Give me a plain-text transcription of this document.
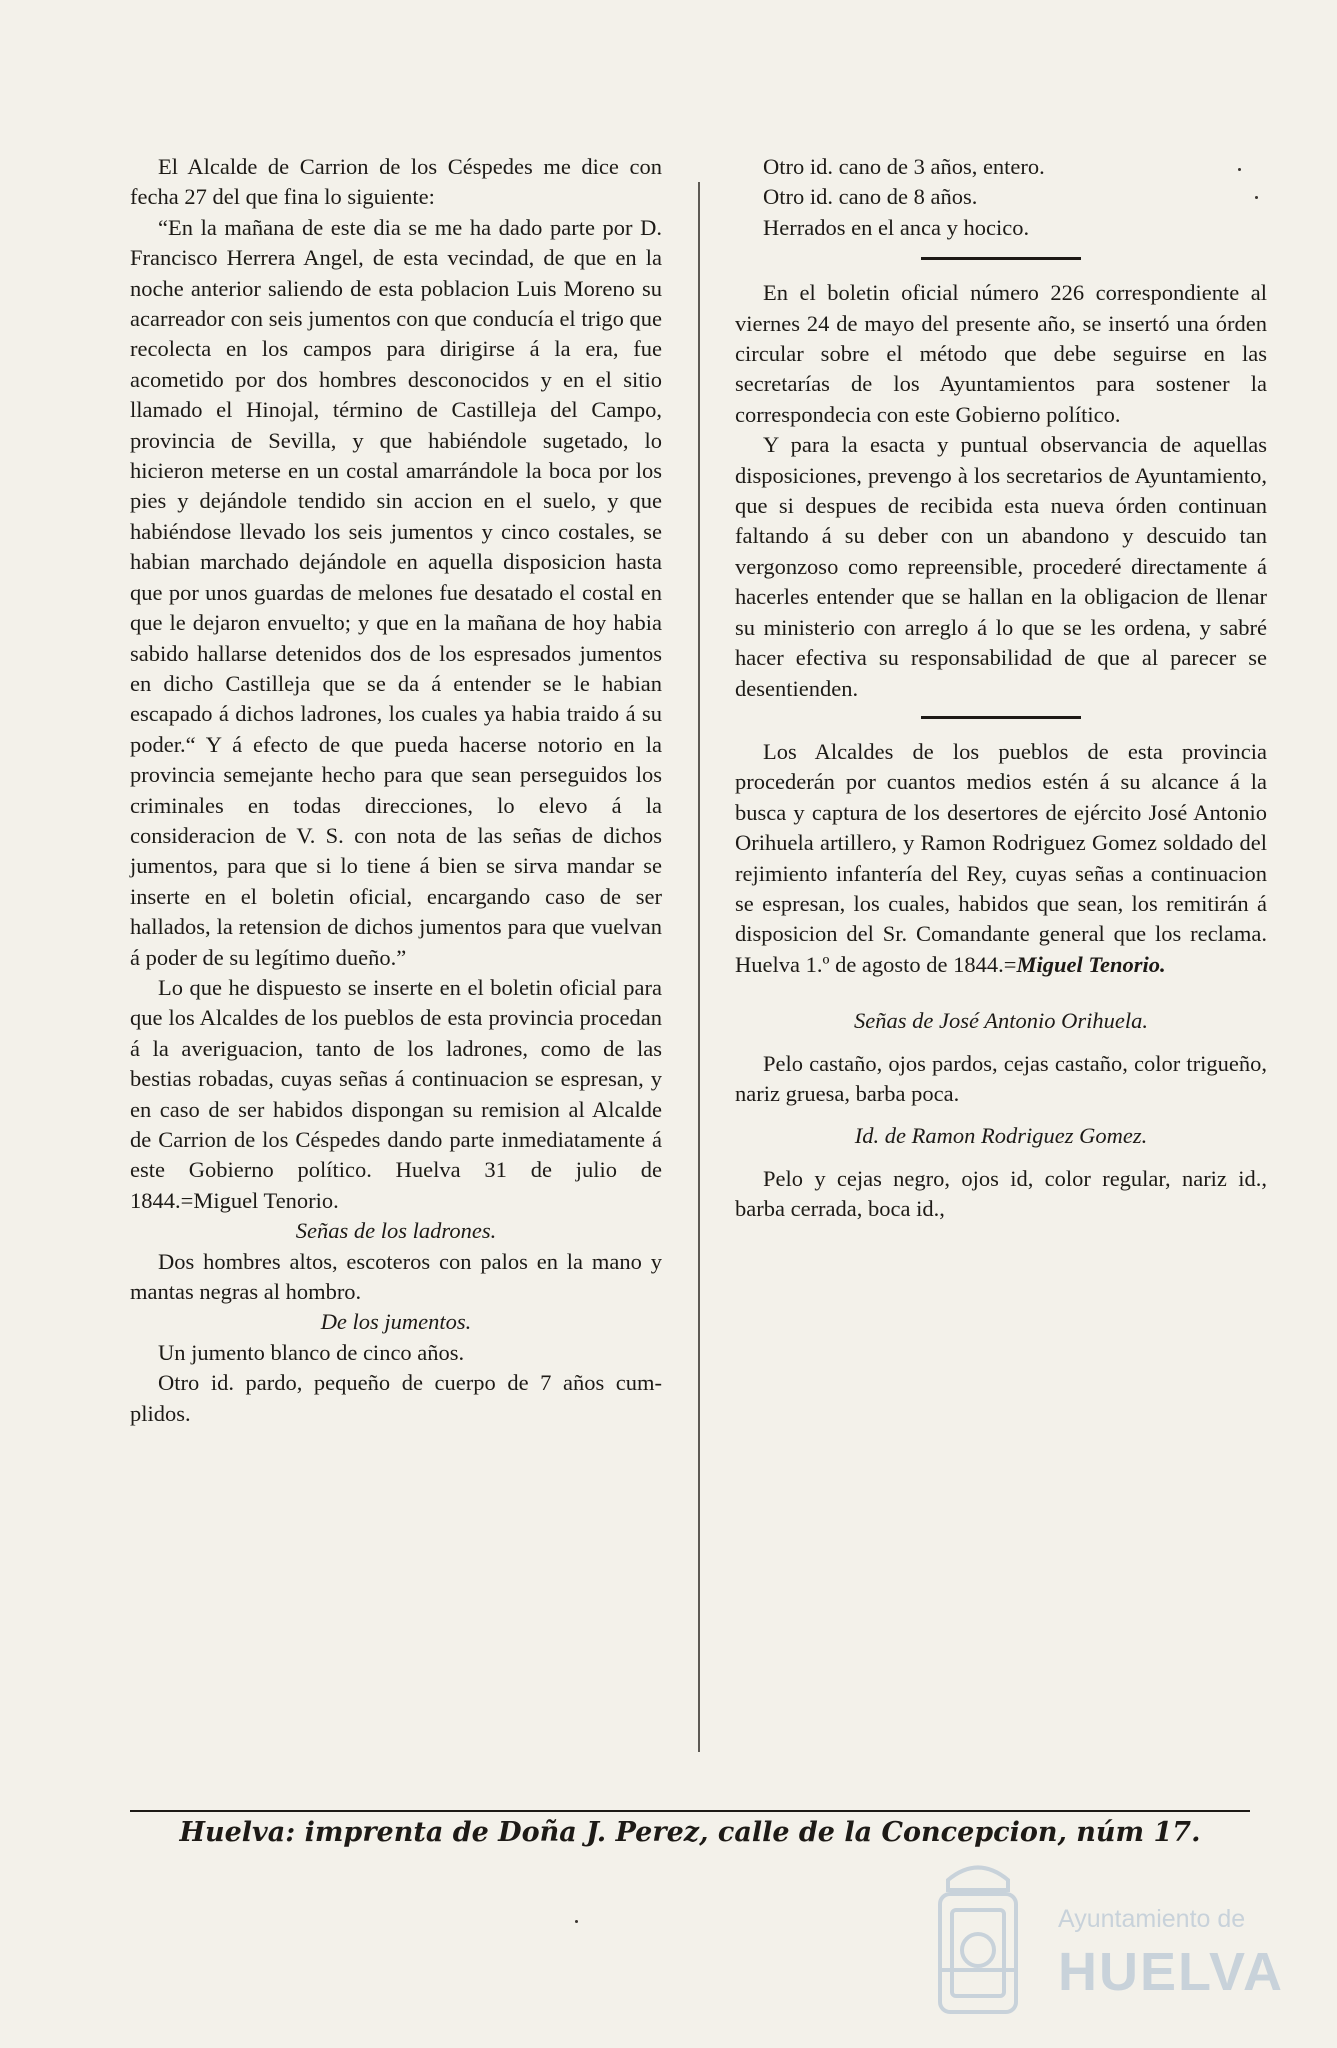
El Alcalde de Carrion de los Céspedes me dice con fecha 27 del que fina lo siguiente:

“En la mañana de este dia se me ha dado parte por D. Francisco Herrera Angel, de esta vecindad, de que en la noche anterior saliendo de esta poblacion Luis Moreno su acarreador con seis jumentos con que conducía el trigo que recolecta en los campos para dirigirse á la era, fue acometido por dos hombres desconocidos y en el sitio llamado el Hinojal, término de Castilleja del Campo, provincia de Sevilla, y que habiéndole sugetado, lo hicieron meterse en un costal amarrándole la boca por los pies y dejándole tendido sin accion en el suelo, y que habiéndose llevado los seis jumentos y cinco costales, se habian marchado dejándole en aquella disposicion hasta que por unos guardas de melones fue desatado el costal en que le dejaron envuelto; y que en la mañana de hoy habia sabido hallarse detenidos dos de los espresados jumentos en dicho Castilleja que se da á entender se le habian escapado á dichos ladrones, los cuales ya habia traido á su poder.“ Y á efecto de que pueda hacerse notorio en la provincia semejante hecho para que sean perseguidos los criminales en todas direcciones, lo elevo á la consideracion de V. S. con nota de las señas de dichos jumentos, para que si lo tiene á bien se sirva mandar se inserte en el boletin oficial, encargando caso de ser hallados, la retension de dichos jumentos para que vuelvan á poder de su legítimo dueño.”

Lo que he dispuesto se inserte en el boletin oficial para que los Alcaldes de los pueblos de esta provincia procedan á la averiguacion, tanto de los ladrones, como de las bestias robadas, cuyas señas á continuacion se espresan, y en caso de ser habidos dispongan su remision al Alcalde de Carrion de los Céspedes dando parte inmediatamente á este Gobierno político. Huelva 31 de julio de 1844.=Miguel Tenorio.

Señas de los ladrones.

Dos hombres altos, escoteros con palos en la mano y mantas negras al hombro.

De los jumentos.

Un jumento blanco de cinco años.

Otro id. pardo, pequeño de cuerpo de 7 años cum-plidos.

Otro id. cano de 3 años, entero.

Otro id. cano de 8 años.

Herrados en el anca y hocico.

En el boletin oficial número 226 correspondiente al viernes 24 de mayo del presente año, se insertó una órden circular sobre el método que debe seguirse en las secretarías de los Ayuntamientos para sostener la correspondecia con este Gobierno político.

Y para la esacta y puntual observancia de aquellas disposiciones, prevengo à los secretarios de Ayuntamiento, que si despues de recibida esta nueva órden continuan faltando á su deber con un abandono y descuido tan vergonzoso como repreensible, procederé directamente á hacerles entender que se hallan en la obligacion de llenar su ministerio con arreglo á lo que se les ordena, y sabré hacer efectiva su responsabilidad de que al parecer se desentienden.

Los Alcaldes de los pueblos de esta provincia procederán por cuantos medios estén á su alcance á la busca y captura de los desertores de ejército José Antonio Orihuela artillero, y Ramon Rodriguez Gomez soldado del rejimiento infantería del Rey, cuyas señas a continuacion se espresan, los cuales, habidos que sean, los remitirán á disposicion del Sr. Comandante general que los reclama. Huelva 1.º de agosto de 1844.=Miguel Tenorio.

Señas de José Antonio Orihuela.

Pelo castaño, ojos pardos, cejas castaño, color trigueño, nariz gruesa, barba poca.

Id. de Ramon Rodriguez Gomez.

Pelo y cejas negro, ojos id, color regular, nariz id., barba cerrada, boca id.,

Huelva: imprenta de Doña J. Perez, calle de la Concepcion, núm 17.
Ayuntamiento de
HUELVA
